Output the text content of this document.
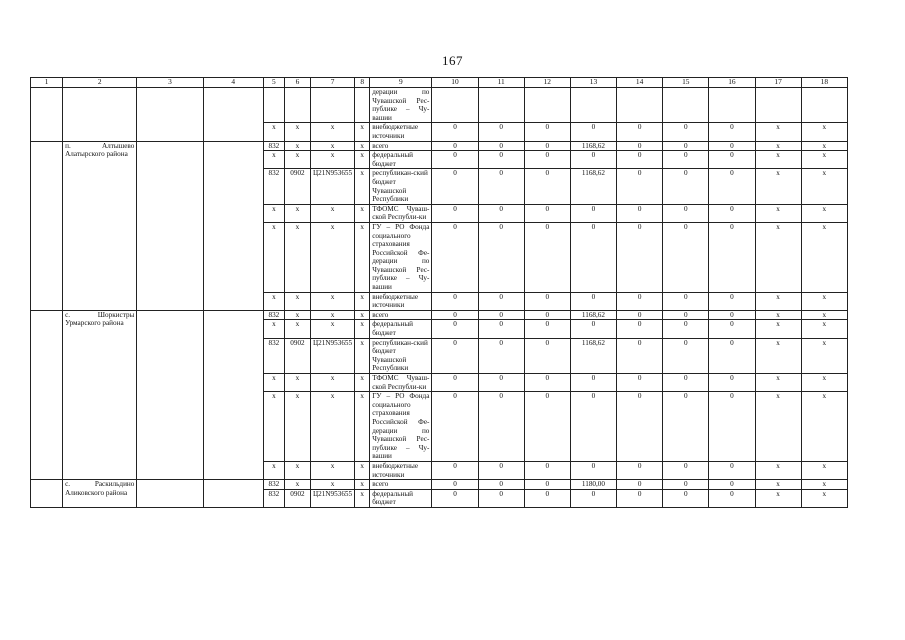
167
1	2	3	4	5	6	7	8	9	10	11	12	13	14	15	16	17	18
								дерации по Чувашской Рес-публике – Чу-вашии									
				х	х	х	х	внебюджетные источники	0	0	0	0	0	0	0	х	х
	п. Алтышево Алатырского района			832	х	х	х	всего	0	0	0	1168,62	0	0	0	х	х
				х	х	х	х	федеральный бюджет	0	0	0	0	0	0	0	х	х
				832	0902	Ц21N953655	х	республикан-ский бюджет Чувашской Республики	0	0	0	1168,62	0	0	0	х	х
				х	х	х	х	ТФОМС Чуваш-ской Республи-ки	0	0	0	0	0	0	0	х	х
				х	х	х	х	ГУ – РО Фонда социального страхования Российской Фе-дерации по Чувашской Рес-публике – Чу-вашии	0	0	0	0	0	0	0	х	х
				х	х	х	х	внебюджетные источники	0	0	0	0	0	0	0	х	х
	с. Шоркистры Урмарского района			832	х	х	х	всего	0	0	0	1168,62	0	0	0	х	х
				х	х	х	х	федеральный бюджет	0	0	0	0	0	0	0	х	х
				832	0902	Ц21N953655	х	республикан-ский бюджет Чувашской Республики	0	0	0	1168,62	0	0	0	х	х
				х	х	х	х	ТФОМС Чуваш-ской Республи-ки	0	0	0	0	0	0	0	х	х
				х	х	х	х	ГУ – РО Фонда социального страхования Российской Фе-дерации по Чувашской Рес-публике – Чу-вашии	0	0	0	0	0	0	0	х	х
				х	х	х	х	внебюджетные источники	0	0	0	0	0	0	0	х	х
	с. Раскильдино Аликовского района			832	х	х	х	всего	0	0	0	1180,00	0	0	0	х	х
				832	0902	Ц21N953655	х	федеральный бюджет	0	0	0	0	0	0	0	х	х
